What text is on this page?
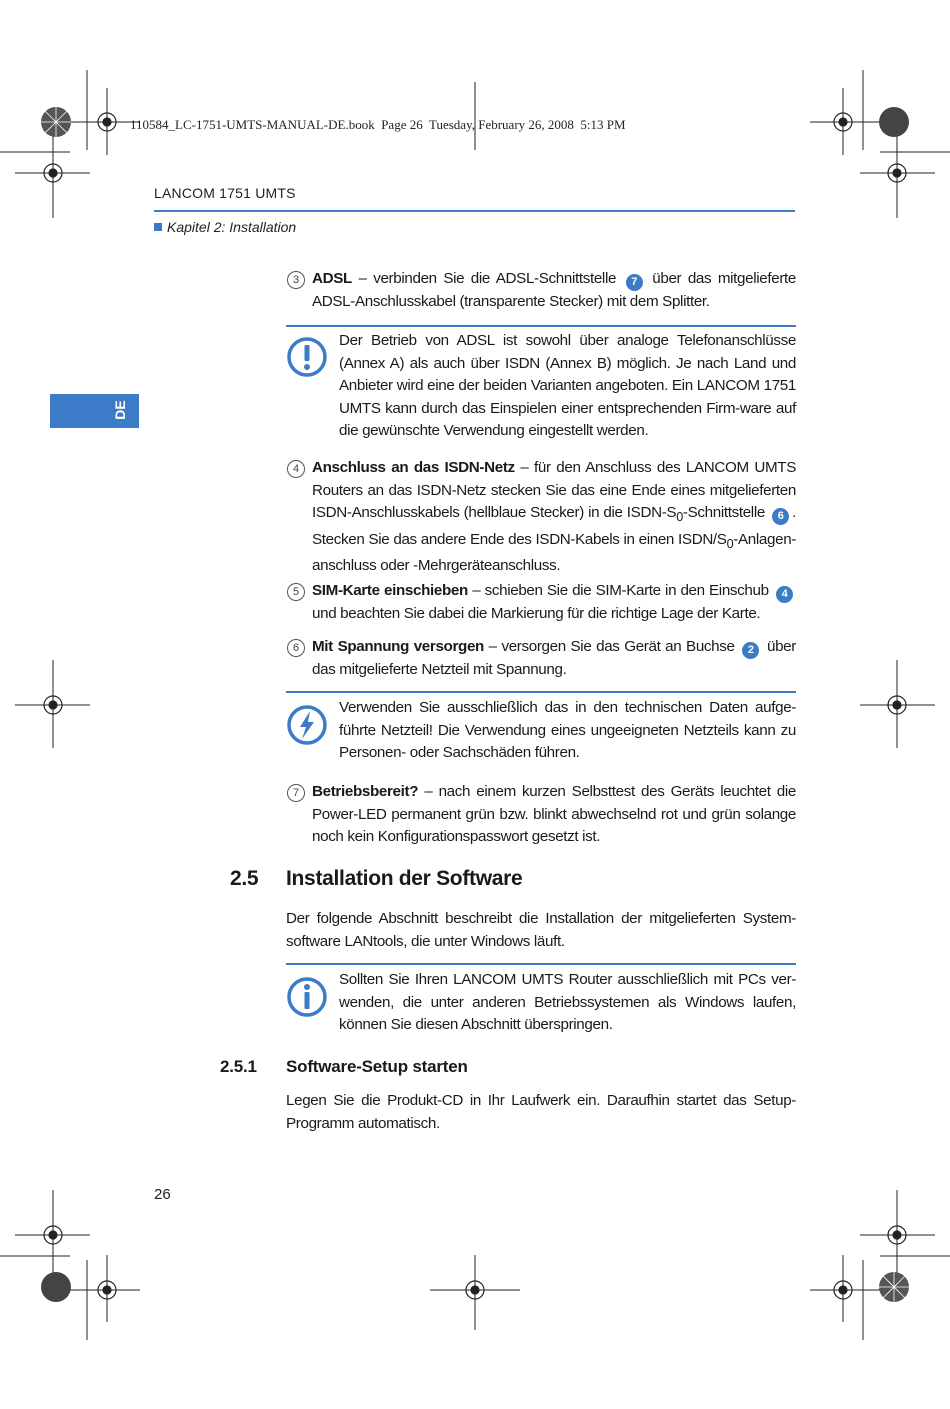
110584_LC-1751-UMTS-MANUAL-DE.book  Page 26  Tuesday, February 26, 2008  5:13 PM
LANCOM 1751 UMTS
Kapitel 2: Installation
DE
3 ADSL – verbinden Sie die ADSL-Schnittstelle 7 über das mitgelieferte ADSL-Anschlusskabel (transparente Stecker) mit dem Splitter.
Der Betrieb von ADSL ist sowohl über analoge Telefonanschlüsse (Annex A) als auch über ISDN (Annex B) möglich. Je nach Land und Anbieter wird eine der beiden Varianten angeboten. Ein LANCOM 1751 UMTS kann durch das Einspielen einer entsprechenden Firm-ware auf die gewünschte Verwendung eingestellt werden.
4 Anschluss an das ISDN-Netz – für den Anschluss des LANCOM UMTS Routers an das ISDN-Netz stecken Sie das eine Ende eines mitgelieferten ISDN-Anschlusskabels (hellblaue Stecker) in die ISDN-$S_0$-Schnittstelle 6 . Stecken Sie das andere Ende des ISDN-Kabels in einen ISDN/$S_0-Anlagen$-anschluss oder -Mehrgeräteanschluss.
5 SIM-Karte einschieben – schieben Sie die SIM-Karte in den Einschub 4 und beachten Sie dabei die Markierung für die richtige Lage der Karte.
6 Mit Spannung versorgen – versorgen Sie das Gerät an Buchse 2 über das mitgelieferte Netzteil mit Spannung.
Verwenden Sie ausschließlich das in den technischen Daten aufge-führte Netzteil! Die Verwendung eines ungeeigneten Netzteils kann zu Personen- oder Sachschäden führen.
7 Betriebsbereit? – nach einem kurzen Selbsttest des Geräts leuchtet die Power-LED permanent grün bzw. blinkt abwechselnd rot und grün solange noch kein Konfigurationspasswort gesetzt ist.
2.5 Installation der Software
Der folgende Abschnitt beschreibt die Installation der mitgelieferten System-software LANtools, die unter Windows läuft.
Sollten Sie Ihren LANCOM UMTS Router ausschließlich mit PCs ver-wenden, die unter anderen Betriebssystemen als Windows laufen, können Sie diesen Abschnitt überspringen.
2.5.1 Software-Setup starten
Legen Sie die Produkt-CD in Ihr Laufwerk ein. Daraufhin startet das Setup-Programm automatisch.
26
